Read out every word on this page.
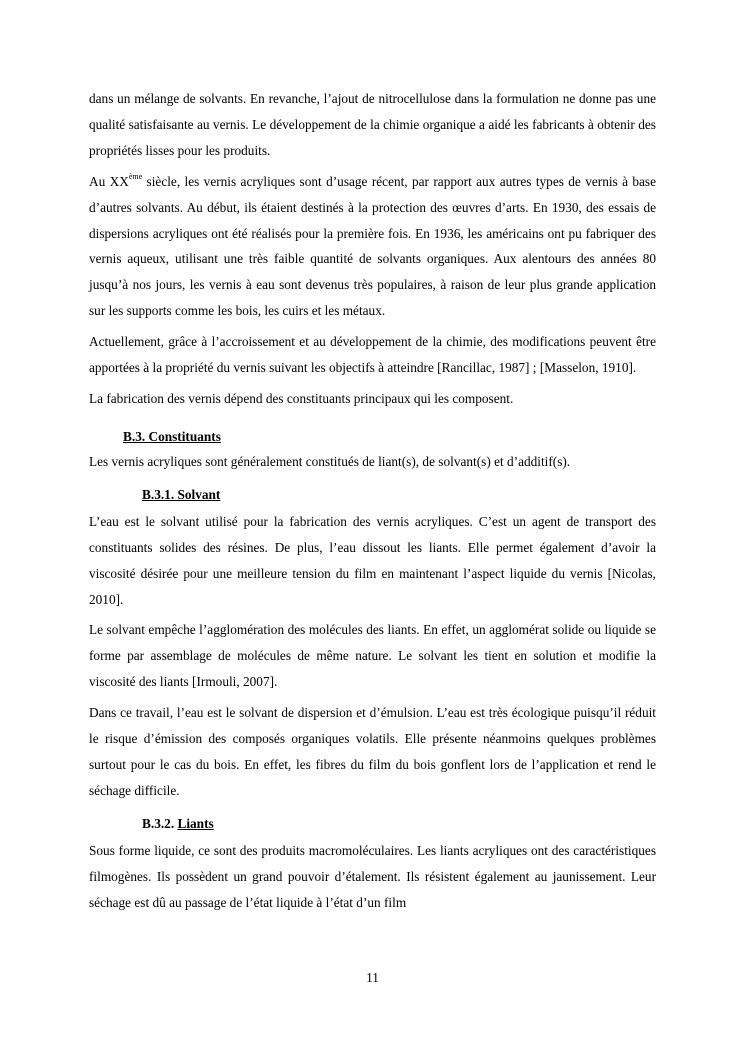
dans un mélange de solvants. En revanche, l’ajout de nitrocellulose dans la formulation ne donne pas une qualité satisfaisante au vernis. Le développement de la chimie organique a aidé les fabricants à obtenir des propriétés lisses pour les produits.

Au XXème siècle, les vernis acryliques sont d’usage récent, par rapport aux autres types de vernis à base d’autres solvants. Au début, ils étaient destinés à la protection des œuvres d’arts. En 1930, des essais de dispersions acryliques ont été réalisés pour la première fois. En 1936, les américains ont pu fabriquer des vernis aqueux, utilisant une très faible quantité de solvants organiques. Aux alentours des années 80 jusqu’à nos jours, les vernis à eau sont devenus très populaires, à raison de leur plus grande application sur les supports comme les bois, les cuirs et les métaux.

Actuellement, grâce à l’accroissement et au développement de la chimie, des modifications peuvent être apportées à la propriété du vernis suivant les objectifs à atteindre [Rancillac, 1987] ; [Masselon, 1910].

La fabrication des vernis dépend des constituants principaux qui les composent.

B.3. Constituants

Les vernis acryliques sont généralement constitués de liant(s), de solvant(s) et d’additif(s).

B.3.1. Solvant

L’eau est le solvant utilisé pour la fabrication des vernis acryliques. C’est un agent de transport des constituants solides des résines. De plus, l’eau dissout les liants. Elle permet également d’avoir la viscosité désirée pour une meilleure tension du film en maintenant l’aspect liquide du vernis [Nicolas, 2010].

Le solvant empêche l’agglomération des molécules des liants. En effet, un agglomérat solide ou liquide se forme par assemblage de molécules de même nature. Le solvant les tient en solution et modifie la viscosité des liants [Irmouli, 2007].

Dans ce travail, l’eau est le solvant de dispersion et d’émulsion. L’eau est très écologique puisqu’il réduit le risque d’émission des composés organiques volatils. Elle présente néanmoins quelques problèmes surtout pour le cas du bois. En effet, les fibres du film du bois gonflent lors de l’application et rend le séchage difficile.

B.3.2. Liants

Sous forme liquide, ce sont des produits macromoléculaires. Les liants acryliques ont des caractéristiques filmogènes. Ils possèdent un grand pouvoir d’étalement. Ils résistent également au jaunissement. Leur séchage est dû au passage de l’état liquide à l’état d’un film

11
